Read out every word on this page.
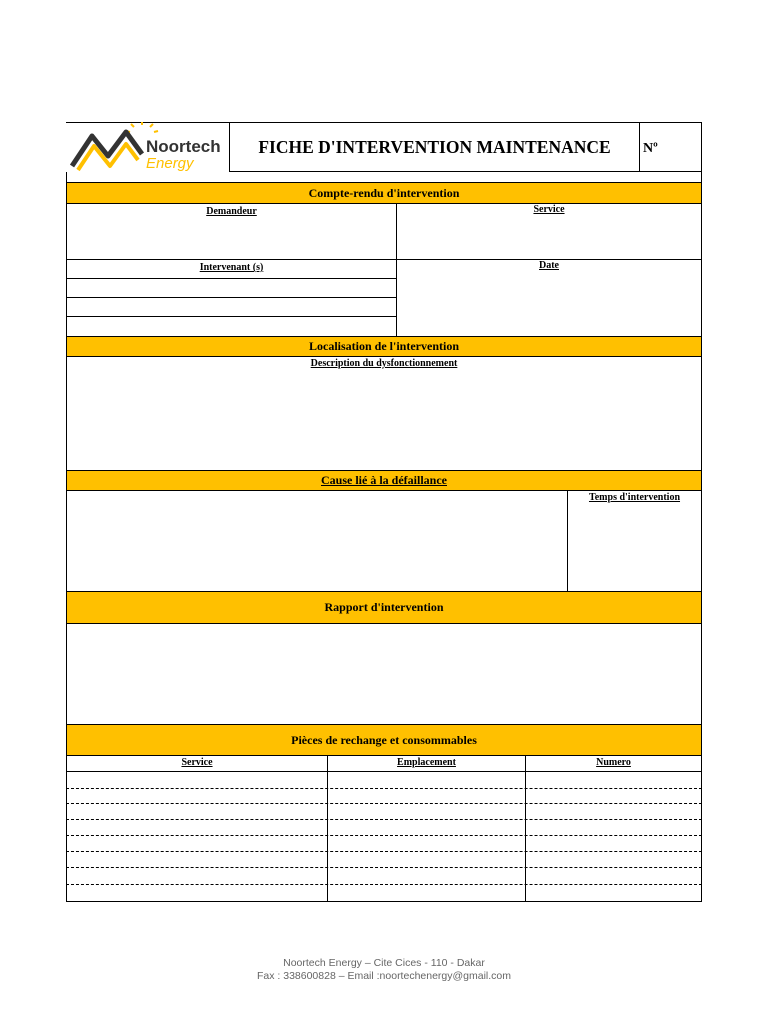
Noortech
Energy
FICHE D'INTERVENTION MAINTENANCE Nº
Compte-rendu d'intervention
Demandeur	Service
Intervenant (s)	Date
Localisation de l'intervention
Description du dysfonctionnement
Cause lié à la défaillance
Temps d'intervention
Rapport d'intervention
Pièces de rechange et consommables
Service	Emplacement	Numero
Noortech Energy – Cite Cices - 110 - Dakar
Fax : 338600828 – Email :noortechenergy@gmail.com
